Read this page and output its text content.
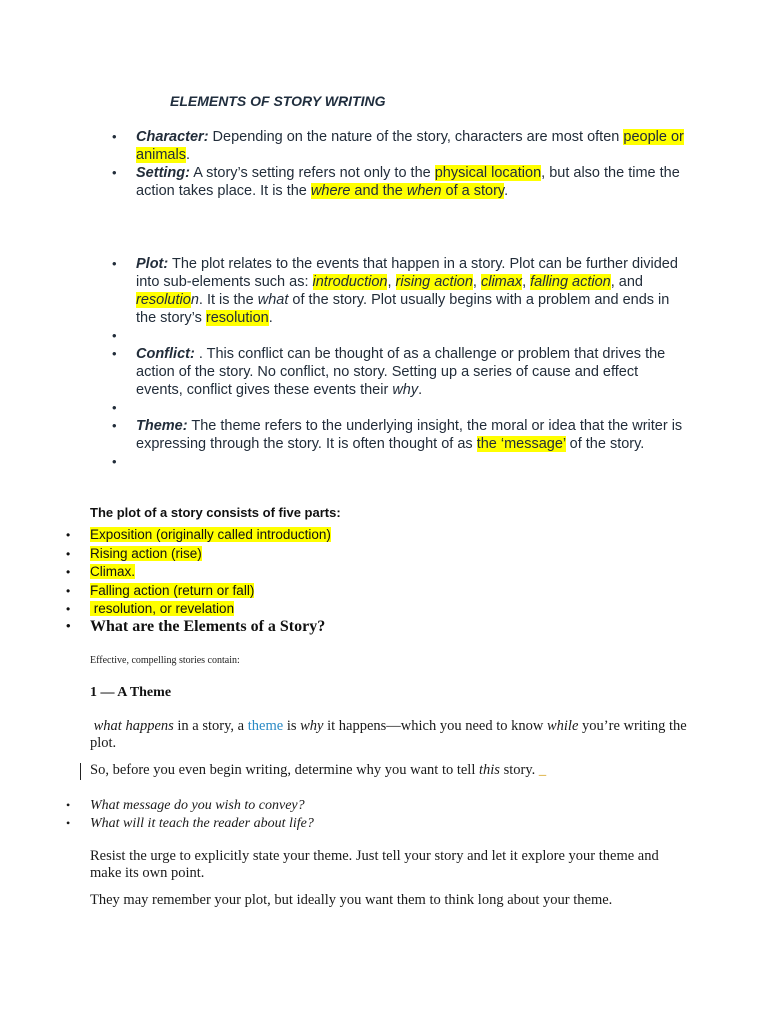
ELEMENTS OF STORY WRITING
• Character: Depending on the nature of the story, characters are most often people or animals.
• Setting: A story’s setting refers not only to the physical location, but also the time the action takes place. It is the where and the when of a story.
• Plot: The plot relates to the events that happen in a story. Plot can be further divided into sub-elements such as: introduction, rising action, climax, falling action, and resolution. It is the what of the story. Plot usually begins with a problem and ends in the story’s resolution.
•
• Conflict: . This conflict can be thought of as a challenge or problem that drives the action of the story. No conflict, no story. Setting up a series of cause and effect events, conflict gives these events their why.
•
• Theme: The theme refers to the underlying insight, the moral or idea that the writer is expressing through the story. It is often thought of as the ‘message’ of the story.
•
The plot of a story consists of five parts:
• Exposition (originally called introduction)
• Rising action (rise)
• Climax.
• Falling action (return or fall)
•  resolution, or revelation
• What are the Elements of a Story?
Effective, compelling stories contain:
1 — A Theme
what happens in a story, a theme is why it happens—which you need to know while you’re writing the plot.
So, before you even begin writing, determine why you want to tell this story. _
• What message do you wish to convey?
• What will it teach the reader about life?
Resist the urge to explicitly state your theme. Just tell your story and let it explore your theme and make its own point.
They may remember your plot, but ideally you want them to think long about your theme.
